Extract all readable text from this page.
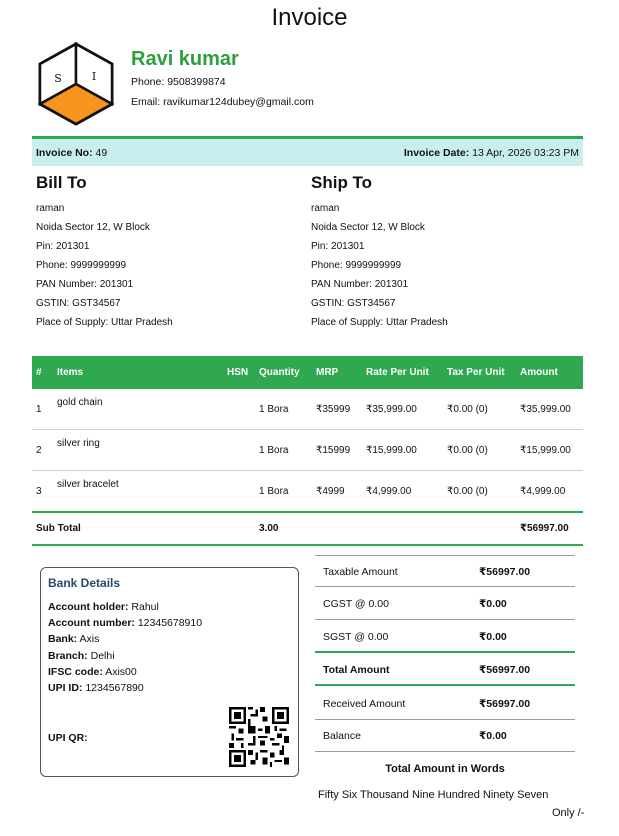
Invoice
S	I
Ravi kumar
Phone: 9508399874
Email: ravikumar124dubey@gmail.com
Invoice No: 49	Invoice Date: 13 Apr, 2026 03:23 PM
Bill To
raman
Noida Sector 12, W Block
Pin: 201301
Phone: 9999999999
PAN Number: 201301
GSTIN: GST34567
Place of Supply: Uttar Pradesh
Ship To
raman
Noida Sector 12, W Block
Pin: 201301
Phone: 9999999999
PAN Number: 201301
GSTIN: GST34567
Place of Supply: Uttar Pradesh
#	Items	HSN	Quantity	MRP	Rate Per Unit	Tax Per Unit	Amount
1	gold chain		1 Bora	₹35999	₹35,999.00	₹0.00 (0)	₹35,999.00
2	silver ring		1 Bora	₹15999	₹15,999.00	₹0.00 (0)	₹15,999.00
3	silver bracelet		1 Bora	₹4999	₹4,999.00	₹0.00 (0)	₹4,999.00
Sub Total			3.00				₹56997.00
Bank Details
Account holder: Rahul
Account number: 12345678910
Bank: Axis
Branch: Delhi
IFSC code: Axis00
UPI ID: 1234567890
UPI QR:
Taxable Amount	₹56997.00
CGST @ 0.00	₹0.00
SGST @ 0.00	₹0.00
Total Amount	₹56997.00
Received Amount	₹56997.00
Balance	₹0.00
Total Amount in Words
Fifty Six Thousand Nine Hundred Ninety Seven
Only /-
